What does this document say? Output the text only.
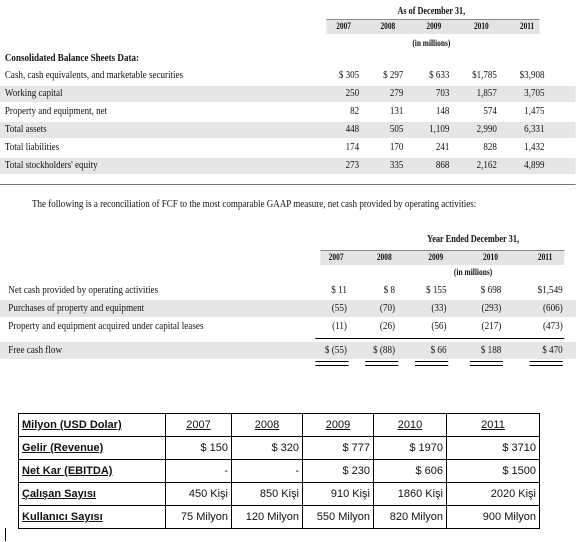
As of December 31,
2007	2008	2009	2010	2011
(in millions)
Consolidated Balance Sheets Data:
Cash, cash equivalents, and marketable securities	$ 305	$ 297	$ 633	$1,785	$3,908
Working capital	250	279	703	1,857	3,705
Property and equipment, net	82	131	148	574	1,475
Total assets	448	505	1,109	2,990	6,331
Total liabilities	174	170	241	828	1,432
Total stockholders' equity	273	335	868	2,162	4,899
The following is a reconciliation of FCF to the most comparable GAAP measure, net cash provided by operating activities:
Year Ended December 31,
2007	2008	2009	2010	2011
(in millions)
Net cash provided by operating activities	$ 11	$ 8	$ 155	$ 698	$1,549
Purchases of property and equipment	(55)	(70)	(33)	(293)	(606)
Property and equipment acquired under capital leases	(11)	(26)	(56)	(217)	(473)
Free cash flow	$ (55)	$ (88)	$ 66	$ 188	$ 470
Milyon (USD Dolar)	2007	2008	2009	2010	2011
Gelir (Revenue)	$ 150	$ 320	$ 777	$ 1970	$ 3710
Net Kar (EBITDA)	-	-	$ 230	$ 606	$ 1500
Çalışan Sayısı	450 Kişi	850 Kişi	910 Kişi	1860 Kişi	2020 Kişi
Kullanıcı Sayısı	75 Milyon	120 Milyon	550 Milyon	820 Milyon	900 Milyon
